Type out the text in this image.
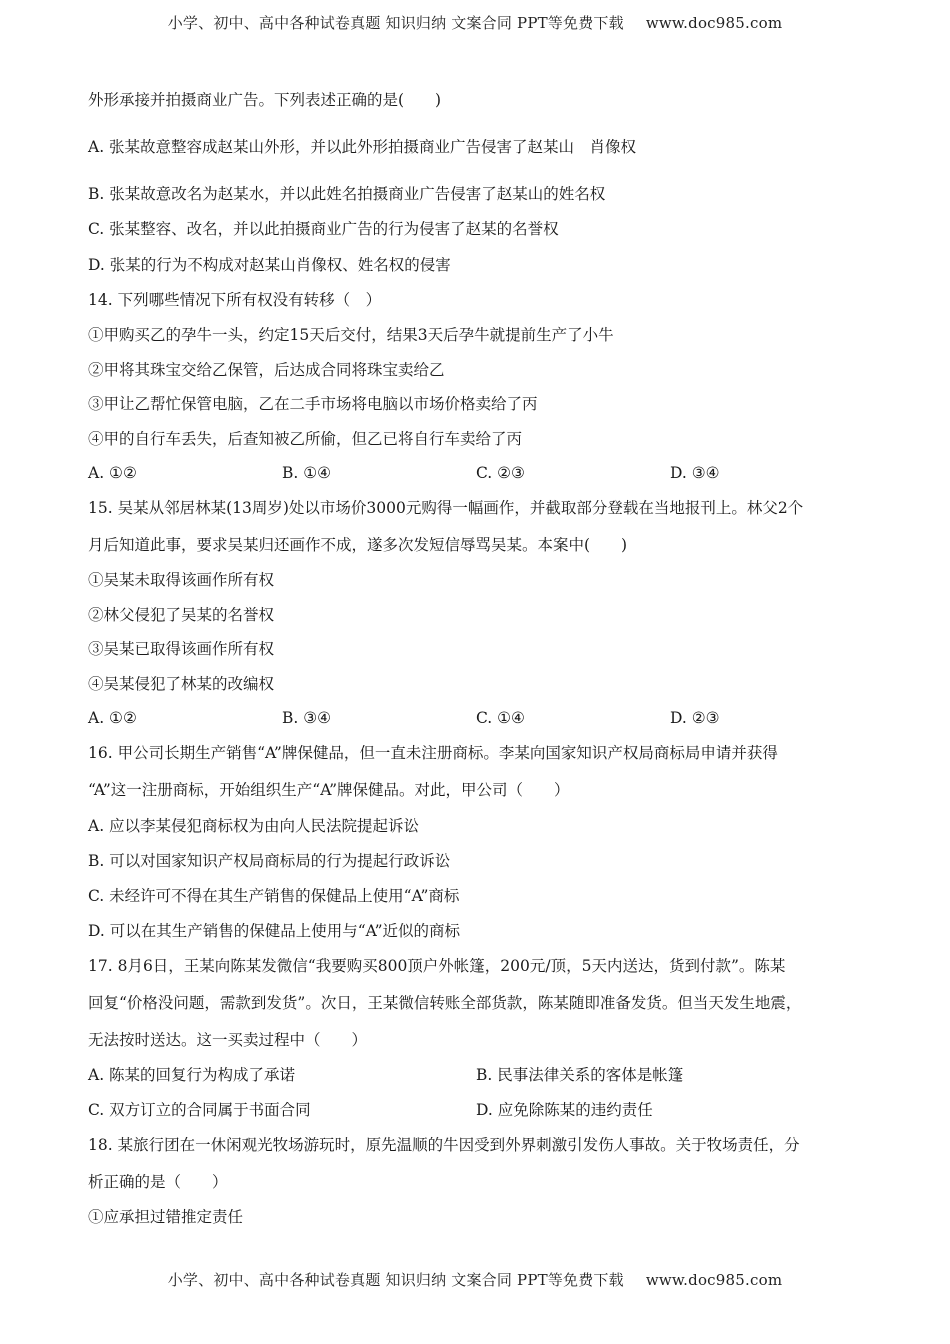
小学、初中、高中各种试卷真题 知识归纳 文案合同 PPT等免费下载 www.doc985.com
外形承接并拍摄商业广告。下列表述正确的是(　　)
A. 张某故意整容成赵某山外形，并以此外形拍摄商业广告侵害了赵某山　肖像权
B. 张某故意改名为赵某水，并以此姓名拍摄商业广告侵害了赵某山的姓名权
C. 张某整容、改名，并以此拍摄商业广告的行为侵害了赵某的名誉权
D. 张某的行为不构成对赵某山肖像权、姓名权的侵害
14. 下列哪些情况下所有权没有转移（　）
①甲购买乙的孕牛一头，约定15天后交付，结果3天后孕牛就提前生产了小牛
②甲将其珠宝交给乙保管，后达成合同将珠宝卖给乙
③甲让乙帮忙保管电脑，乙在二手市场将电脑以市场价格卖给了丙
④甲的自行车丢失，后查知被乙所偷，但乙已将自行车卖给了丙
A. ①②	B. ①④	C. ②③	D. ③④
15. 吴某从邻居林某(13周岁)处以市场价3000元购得一幅画作，并截取部分登载在当地报刊上。林父2个
月后知道此事，要求吴某归还画作不成，遂多次发短信辱骂吴某。本案中(　　)
①吴某未取得该画作所有权
②林父侵犯了吴某的名誉权
③吴某已取得该画作所有权
④吴某侵犯了林某的改编权
A. ①②	B. ③④	C. ①④	D. ②③
16. 甲公司长期生产销售“A”牌保健品，但一直未注册商标。李某向国家知识产权局商标局申请并获得
“A”这一注册商标，开始组织生产“A”牌保健品。对此，甲公司（　　）
A. 应以李某侵犯商标权为由向人民法院提起诉讼
B. 可以对国家知识产权局商标局的行为提起行政诉讼
C. 未经许可不得在其生产销售的保健品上使用“A”商标
D. 可以在其生产销售的保健品上使用与“A”近似的商标
17. 8月6日，王某向陈某发微信“我要购买800顶户外帐篷，200元/顶，5天内送达，货到付款”。陈某
回复“价格没问题，需款到发货”。次日，王某微信转账全部货款，陈某随即准备发货。但当天发生地震，
无法按时送达。这一买卖过程中（　　）
A. 陈某的回复行为构成了承诺	B. 民事法律关系的客体是帐篷
C. 双方订立的合同属于书面合同	D. 应免除陈某的违约责任
18. 某旅行团在一休闲观光牧场游玩时，原先温顺的牛因受到外界刺激引发伤人事故。关于牧场责任，分
析正确的是（　　）
①应承担过错推定责任
小学、初中、高中各种试卷真题 知识归纳 文案合同 PPT等免费下载 www.doc985.com
